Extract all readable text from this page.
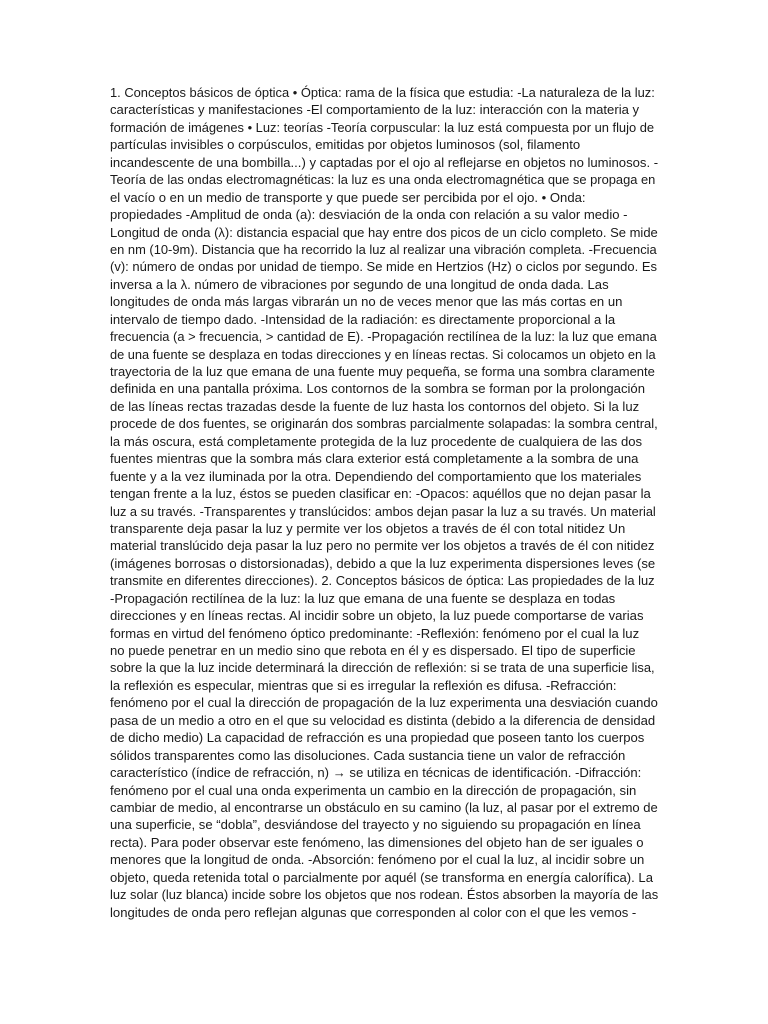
1. Conceptos básicos de óptica • Óptica: rama de la física que estudia: -La naturaleza de la luz:
características y manifestaciones -El comportamiento de la luz: interacción con la materia y
formación de imágenes • Luz: teorías -Teoría corpuscular: la luz está compuesta por un flujo de
partículas invisibles o corpúsculos, emitidas por objetos luminosos (sol, filamento
incandescente de una bombilla...) y captadas por el ojo al reflejarse en objetos no luminosos. -
Teoría de las ondas electromagnéticas: la luz es una onda electromagnética que se propaga en
el vacío o en un medio de transporte y que puede ser percibida por el ojo. • Onda:
propiedades -Amplitud de onda (a): desviación de la onda con relación a su valor medio -
Longitud de onda (λ): distancia espacial que hay entre dos picos de un ciclo completo. Se mide
en nm (10-9m). Distancia que ha recorrido la luz al realizar una vibración completa. -Frecuencia
(v): número de ondas por unidad de tiempo. Se mide en Hertzios (Hz) o ciclos por segundo. Es
inversa a la λ. número de vibraciones por segundo de una longitud de onda dada. Las
longitudes de onda más largas vibrarán un no de veces menor que las más cortas en un
intervalo de tiempo dado. -Intensidad de la radiación: es directamente proporcional a la
frecuencia (a > frecuencia, > cantidad de E). -Propagación rectilínea de la luz: la luz que emana
de una fuente se desplaza en todas direcciones y en líneas rectas. Si colocamos un objeto en la
trayectoria de la luz que emana de una fuente muy pequeña, se forma una sombra claramente
definida en una pantalla próxima. Los contornos de la sombra se forman por la prolongación
de las líneas rectas trazadas desde la fuente de luz hasta los contornos del objeto. Si la luz
procede de dos fuentes, se originarán dos sombras parcialmente solapadas: la sombra central,
la más oscura, está completamente protegida de la luz procedente de cualquiera de las dos
fuentes mientras que la sombra más clara exterior está completamente a la sombra de una
fuente y a la vez iluminada por la otra. Dependiendo del comportamiento que los materiales
tengan frente a la luz, éstos se pueden clasificar en: -Opacos: aquéllos que no dejan pasar la
luz a su través. -Transparentes y translúcidos: ambos dejan pasar la luz a su través. Un material
transparente deja pasar la luz y permite ver los objetos a través de él con total nitidez Un
material translúcido deja pasar la luz pero no permite ver los objetos a través de él con nitidez
(imágenes borrosas o distorsionadas), debido a que la luz experimenta dispersiones leves (se
transmite en diferentes direcciones). 2. Conceptos básicos de óptica: Las propiedades de la luz
-Propagación rectilínea de la luz: la luz que emana de una fuente se desplaza en todas
direcciones y en líneas rectas. Al incidir sobre un objeto, la luz puede comportarse de varias
formas en virtud del fenómeno óptico predominante: -Reflexión: fenómeno por el cual la luz
no puede penetrar en un medio sino que rebota en él y es dispersado. El tipo de superficie
sobre la que la luz incide determinará la dirección de reflexión: si se trata de una superficie lisa,
la reflexión es especular, mientras que si es irregular la reflexión es difusa. -Refracción:
fenómeno por el cual la dirección de propagación de la luz experimenta una desviación cuando
pasa de un medio a otro en el que su velocidad es distinta (debido a la diferencia de densidad
de dicho medio) La capacidad de refracción es una propiedad que poseen tanto los cuerpos
sólidos transparentes como las disoluciones. Cada sustancia tiene un valor de refracción
característico (índice de refracción, n) → se utiliza en técnicas de identificación. -Difracción:
fenómeno por el cual una onda experimenta un cambio en la dirección de propagación, sin
cambiar de medio, al encontrarse un obstáculo en su camino (la luz, al pasar por el extremo de
una superficie, se “dobla”, desviándose del trayecto y no siguiendo su propagación en línea
recta). Para poder observar este fenómeno, las dimensiones del objeto han de ser iguales o
menores que la longitud de onda. -Absorción: fenómeno por el cual la luz, al incidir sobre un
objeto, queda retenida total o parcialmente por aquél (se transforma en energía calorífica). La
luz solar (luz blanca) incide sobre los objetos que nos rodean. Éstos absorben la mayoría de las
longitudes de onda pero reflejan algunas que corresponden al color con el que les vemos -
